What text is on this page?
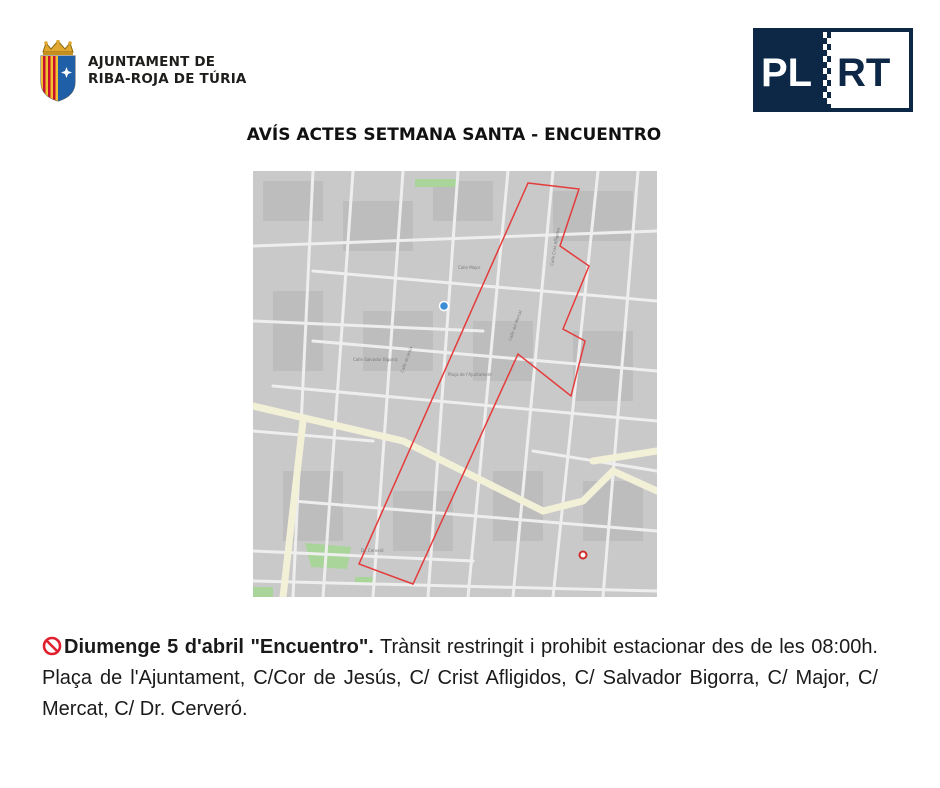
AJUNTAMENT DE
RIBA-ROJA DE TÚRIA	PL RT
AVÍS ACTES SETMANA SANTA - ENCUENTRO
Calle Major
Calle de Jesús
Calle del Mercat
Plaça de l'Ajuntament
Calle Salvador Bigorra
Calle Crist Afligidos
Dr. Cerveró
Diumenge 5 d'abril "Encuentro". Trànsit restringit i prohibit estacionar des de les 08:00h. Plaça de l'Ajuntament, C/Cor de Jesús, C/ Crist Afligidos, C/ Salvador Bigorra, C/ Major, C/ Mercat, C/ Dr. Cerveró.
